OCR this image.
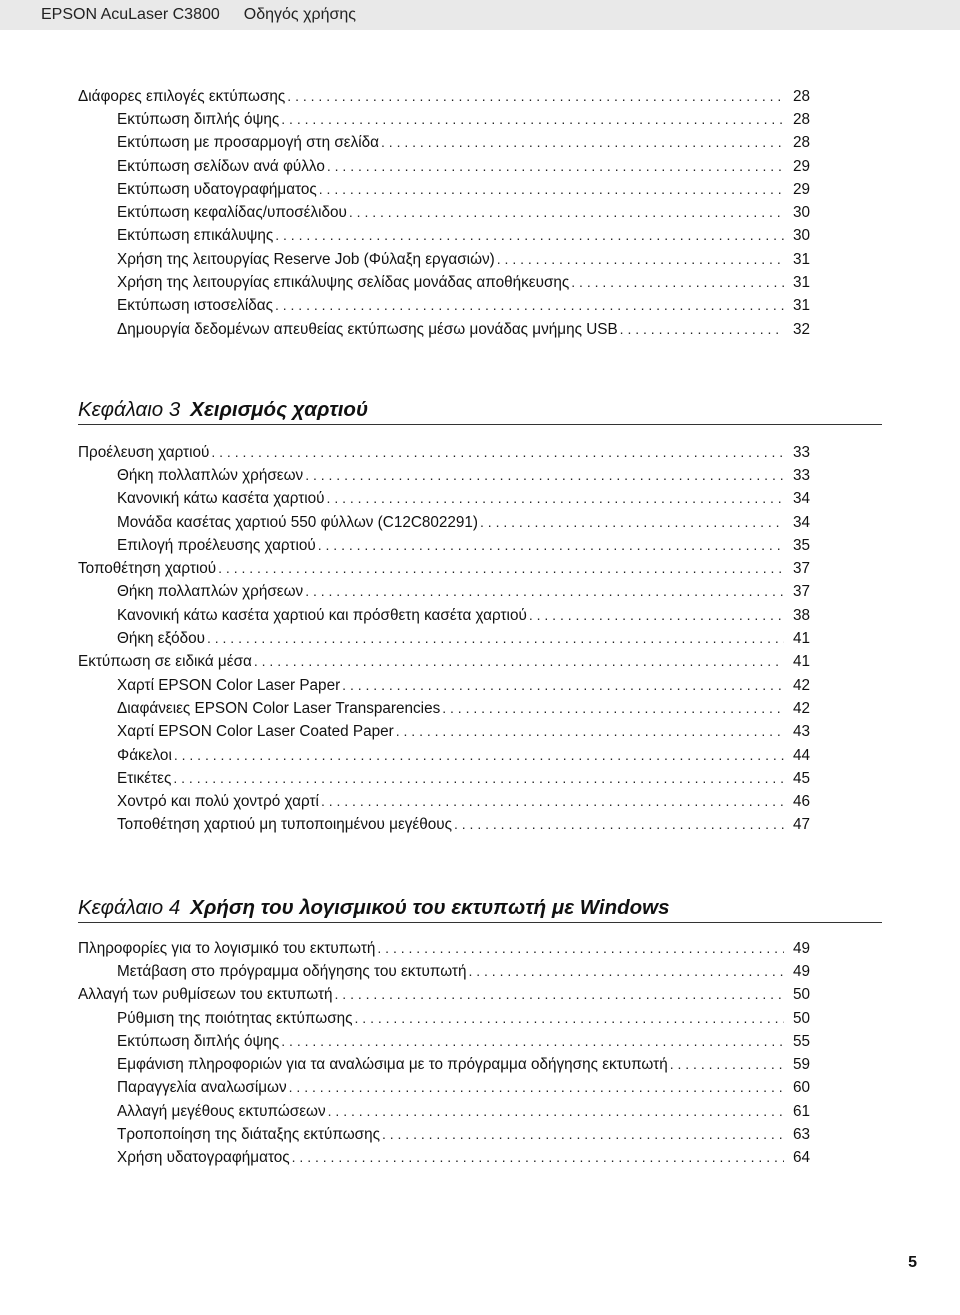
EPSON AcuLaser C3800 Οδηγός χρήσης
Διάφορες επιλογές εκτύπωσης . . .	28
Εκτύπωση διπλής όψης . . .	28
Εκτύπωση με προσαρμογή στη σελίδα . . .	28
Εκτύπωση σελίδων ανά φύλλο . . .	29
Εκτύπωση υδατογραφήματος . . .	29
Εκτύπωση κεφαλίδας/υποσέλιδου . . .	30
Εκτύπωση επικάλυψης . . .	30
Χρήση της λειτουργίας Reserve Job (Φύλαξη εργασιών) . . .	31
Χρήση της λειτουργίας επικάλυψης σελίδας μονάδας αποθήκευσης . . .	31
Εκτύπωση ιστοσελίδας . . .	31
Δημουργία δεδομένων απευθείας εκτύπωσης μέσω μονάδας μνήμης USB . . .	32
Κεφάλαιο 3 Χειρισμός χαρτιού
Προέλευση χαρτιού . . .	33
Θήκη πολλαπλών χρήσεων . . .	33
Κανονική κάτω κασέτα χαρτιού . . .	34
Μονάδα κασέτας χαρτιού 550 φύλλων (C12C802291) . . .	34
Επιλογή προέλευσης χαρτιού . . .	35
Τοποθέτηση χαρτιού . . .	37
Θήκη πολλαπλών χρήσεων . . .	37
Κανονική κάτω κασέτα χαρτιού και πρόσθετη κασέτα χαρτιού . . .	38
Θήκη εξόδου . . .	41
Εκτύπωση σε ειδικά μέσα . . .	41
Χαρτί EPSON Color Laser Paper . . .	42
Διαφάνειες EPSON Color Laser Transparencies . . .	42
Χαρτί EPSON Color Laser Coated Paper . . .	43
Φάκελοι . . .	44
Ετικέτες . . .	45
Χοντρό και πολύ χοντρό χαρτί . . .	46
Τοποθέτηση χαρτιού μη τυποποιημένου μεγέθους . . .	47
Κεφάλαιο 4 Χρήση του λογισμικού του εκτυπωτή με Windows
Πληροφορίες για το λογισμικό του εκτυπωτή . . .	49
Μετάβαση στο πρόγραμμα οδήγησης του εκτυπωτή . . .	49
Αλλαγή των ρυθμίσεων του εκτυπωτή . . .	50
Ρύθμιση της ποιότητας εκτύπωσης . . .	50
Εκτύπωση διπλής όψης . . .	55
Εμφάνιση πληροφοριών για τα αναλώσιμα με το πρόγραμμα οδήγησης εκτυπωτή . . .	59
Παραγγελία αναλωσίμων . . .	60
Αλλαγή μεγέθους εκτυπώσεων . . .	61
Τροποποίηση της διάταξης εκτύπωσης . . .	63
Χρήση υδατογραφήματος . . .	64
5
